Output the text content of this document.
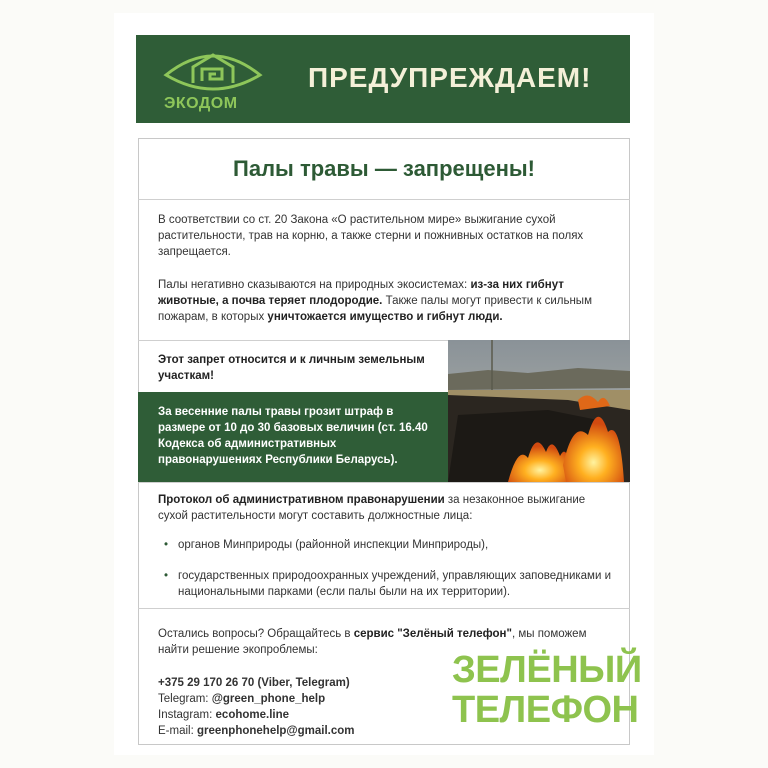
ЭКОДОМ
ПРЕДУПРЕЖДАЕМ!
Палы травы — запрещены!
В соответствии со ст. 20 Закона «О растительном мире» выжигание сухой растительности, трав на корню, а также стерни и пожнивных остатков на полях запрещается.
Палы негативно сказываются на природных экосистемах: из-за них гибнут животные, а почва теряет плодородие. Также палы могут привести к сильным пожарам, в которых уничтожается имущество и гибнут люди.
Этот запрет относится и к личным земельным участкам!
За весенние палы травы грозит штраф в размере от 10 до 30 базовых величин (ст. 16.40 Кодекса об административных правонарушениях Республики Беларусь).
Протокол об административном правонарушении за незаконное выжигание сухой растительности могут составить должностные лица:
• органов Минприроды (районной инспекции Минприроды),
• государственных природоохранных учреждений, управляющих заповедниками и национальными парками (если палы были на их территории).
Остались вопросы? Обращайтесь в сервис "Зелёный телефон", мы поможем найти решение экопроблемы:
+375 29 170 26 70 (Viber, Telegram)
Telegram: @green_phone_help
Instagram: ecohome.line
E-mail: greenphonehelp@gmail.com
ЗЕЛЁНЫЙ
ТЕЛЕФОН
